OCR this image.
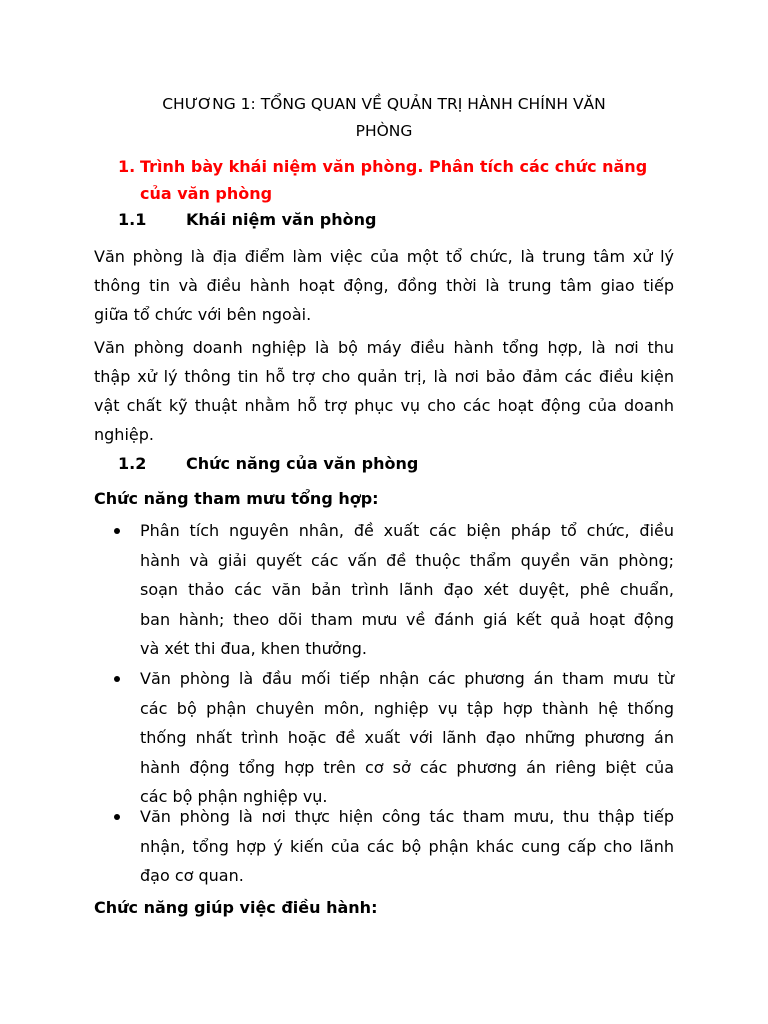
CHƯƠNG 1: TỔNG QUAN VỀ QUẢN TRỊ HÀNH CHÍNH VĂN
PHÒNG
1. Trình bày khái niệm văn phòng. Phân tích các chức năng
của văn phòng
1.1 Khái niệm văn phòng

Văn phòng là địa điểm làm việc của một tổ chức, là trung tâm xử lý
thông tin và điều hành hoạt động, đồng thời là trung tâm giao tiếp
giữa tổ chức với bên ngoài.

Văn phòng doanh nghiệp là bộ máy điều hành tổng hợp, là nơi thu
thập xử lý thông tin hỗ trợ cho quản trị, là nơi bảo đảm các điều kiện
vật chất kỹ thuật nhằm hỗ trợ phục vụ cho các hoạt động của doanh
nghiệp.

1.2 Chức năng của văn phòng

Chức năng tham mưu tổng hợp:

Phân tích nguyên nhân, đề xuất các biện pháp tổ chức, điều
hành và giải quyết các vấn đề thuộc thẩm quyền văn phòng;
soạn thảo các văn bản trình lãnh đạo xét duyệt, phê chuẩn,
ban hành; theo dõi tham mưu về đánh giá kết quả hoạt động
và xét thi đua, khen thưởng.
Văn phòng là đầu mối tiếp nhận các phương án tham mưu từ
các bộ phận chuyên môn, nghiệp vụ tập hợp thành hệ thống
thống nhất trình hoặc đề xuất với lãnh đạo những phương án
hành động tổng hợp trên cơ sở các phương án riêng biệt của
các bộ phận nghiệp vụ.
Văn phòng là nơi thực hiện công tác tham mưu, thu thập tiếp
nhận, tổng hợp ý kiến của các bộ phận khác cung cấp cho lãnh
đạo cơ quan.

Chức năng giúp việc điều hành:
